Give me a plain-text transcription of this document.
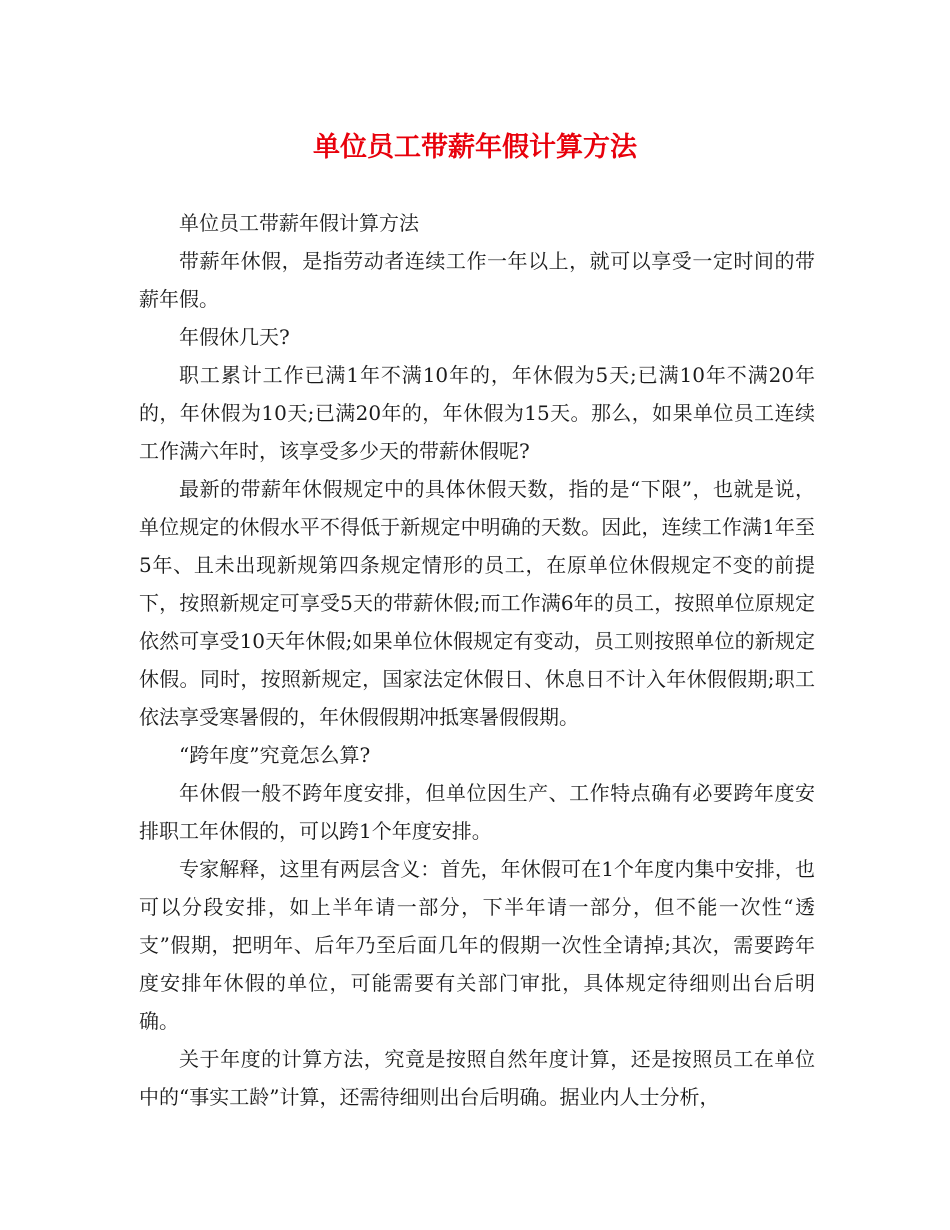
单位员工带薪年假计算方法

单位员工带薪年假计算方法

带薪年休假，是指劳动者连续工作一年以上，就可以享受一定时间的带薪年假。

年假休几天?

职工累计工作已满1年不满10年的，年休假为5天;已满10年不满20年的，年休假为10天;已满20年的，年休假为15天。那么，如果单位员工连续工作满六年时，该享受多少天的带薪休假呢?

最新的带薪年休假规定中的具体休假天数，指的是“下限”，也就是说，单位规定的休假水平不得低于新规定中明确的天数。因此，连续工作满1年至5年、且未出现新规第四条规定情形的员工，在原单位休假规定不变的前提下，按照新规定可享受5天的带薪休假;而工作满6年的员工，按照单位原规定依然可享受10天年休假;如果单位休假规定有变动，员工则按照单位的新规定休假。同时，按照新规定，国家法定休假日、休息日不计入年休假假期;职工依法享受寒暑假的，年休假假期冲抵寒暑假假期。

“跨年度”究竟怎么算?

年休假一般不跨年度安排，但单位因生产、工作特点确有必要跨年度安排职工年休假的，可以跨1个年度安排。

专家解释，这里有两层含义：首先，年休假可在1个年度内集中安排，也可以分段安排，如上半年请一部分，下半年请一部分，但不能一次性“透支”假期，把明年、后年乃至后面几年的假期一次性全请掉;其次，需要跨年度安排年休假的单位，可能需要有关部门审批，具体规定待细则出台后明确。

关于年度的计算方法，究竟是按照自然年度计算，还是按照员工在单位中的“事实工龄”计算，还需待细则出台后明确。据业内人士分析，
